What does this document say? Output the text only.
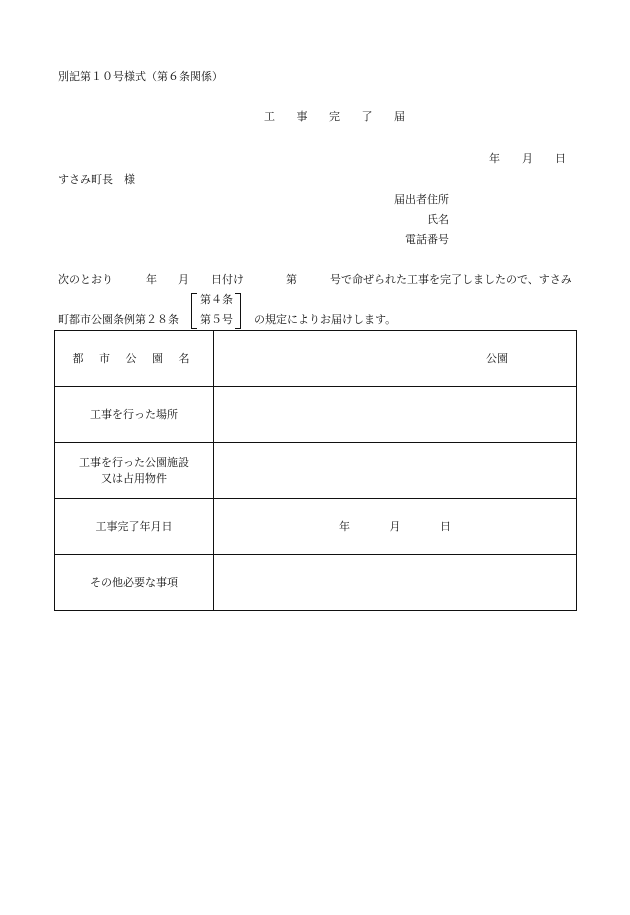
別記第１０号様式（第６条関係）
工 事 完 了 届
年 月 日
すさみ町長　様
届出者住所
氏名
電話番号
次のとおり	年 月 日付け	第	号で命ぜられた工事を完了しましたので、すさみ
町都市公園条例第２８条
第４条
第５号 の規定によりお届けします。
都 市 公 園 名	公園

工事を行った場所	

工事を行った公園施設
又は占用物件	

工事完了年月日	年 月 日
その他必要な事項	
